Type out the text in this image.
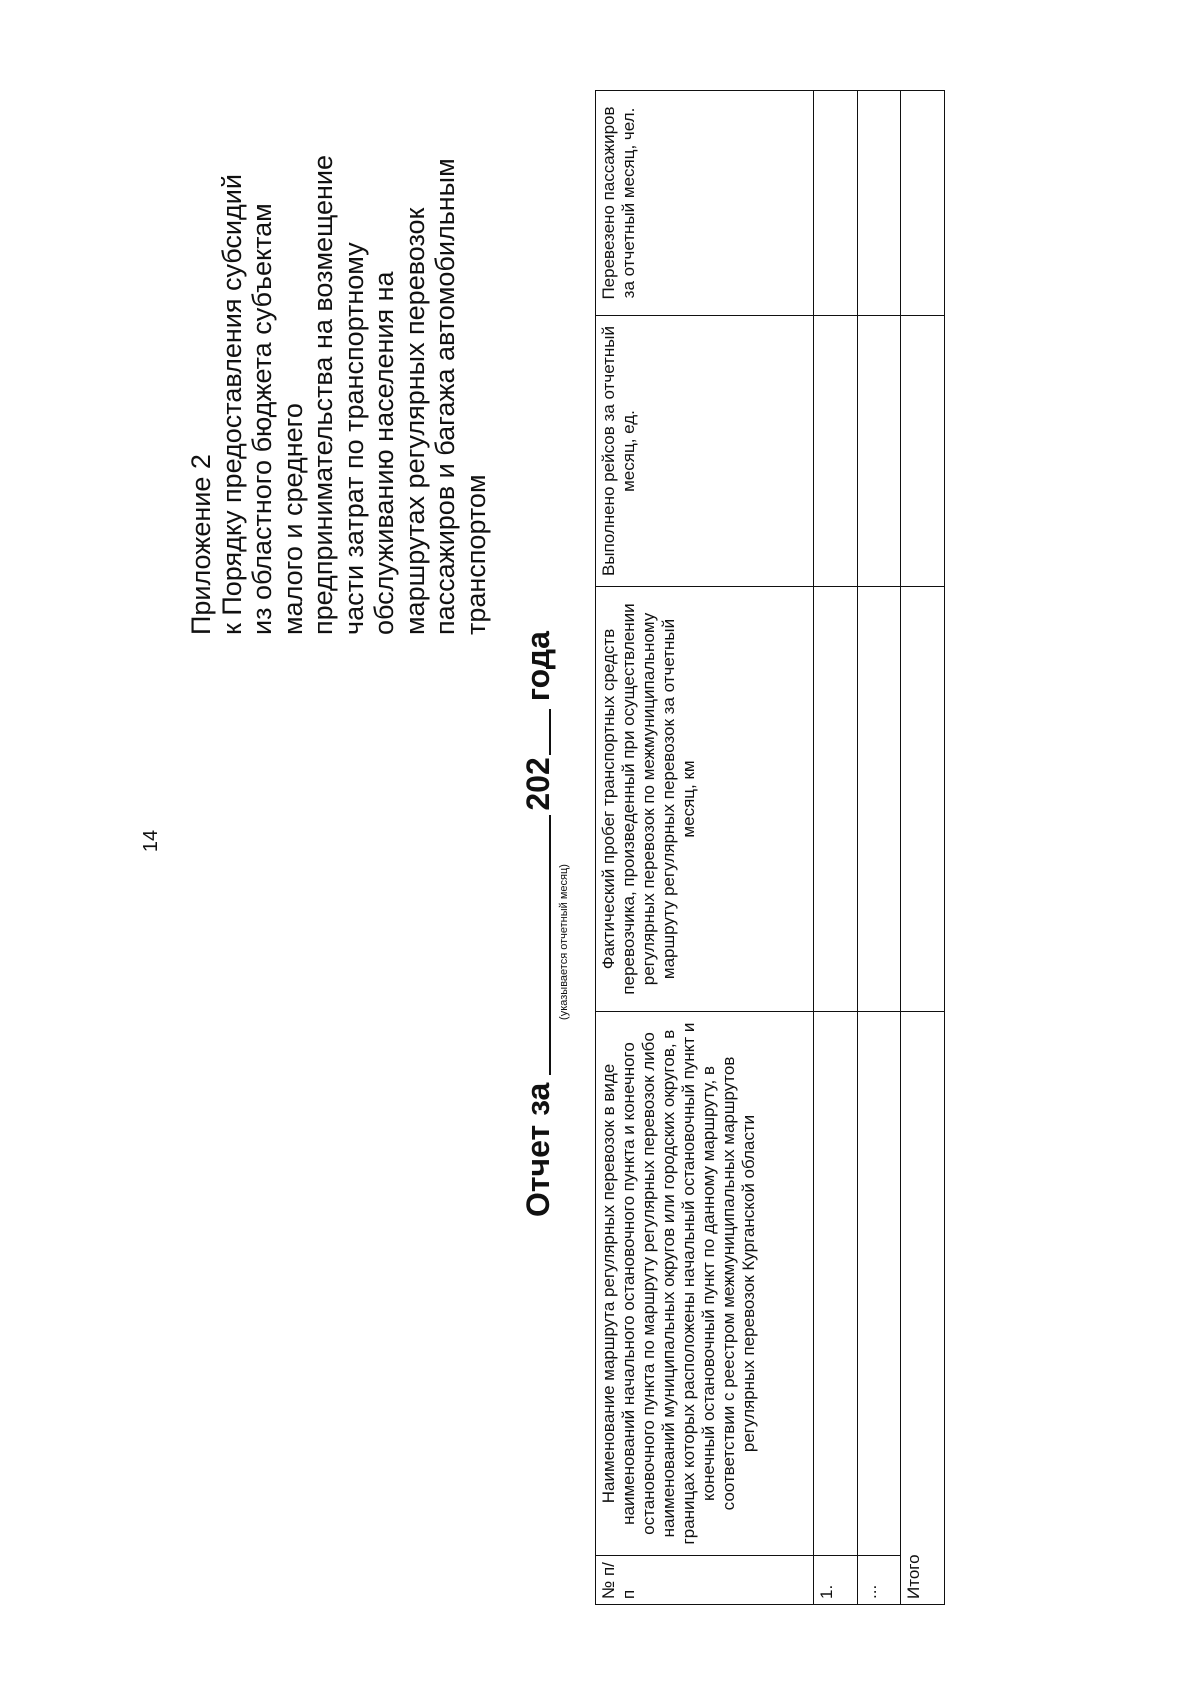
14
Приложение 2 к Порядку предоставления субсидий из областного бюджета субъектам малого и среднего предпринимательства на возмещение части затрат по транспортному обслуживанию населения на маршрутах регулярных перевозок пассажиров и багажа автомобильным транспортом
Отчет за202года
(указывается отчетный месяц)
№ п/п	Наименование маршрута регулярных перевозок в виде наименований начального остановочного пункта и конечного остановочного пункта по маршруту регулярных перевозок либо наименований муниципальных округов или городских округов, в границах которых расположены начальный остановочный пункт и конечный остановочный пункт по данному маршруту, в соответствии с реестром межмуниципальных маршрутов регулярных перевозок Курганской области	Фактический пробег транспортных средств перевозчика, произведенный при осуществлении регулярных перевозок по межмуниципальному маршруту регулярных перевозок за отчетный месяц, км	Выполнено рейсов за отчетный месяц, ед.	Перевезено пассажиров за отчетный месяц, чел.
1.				
...				
Итого				
